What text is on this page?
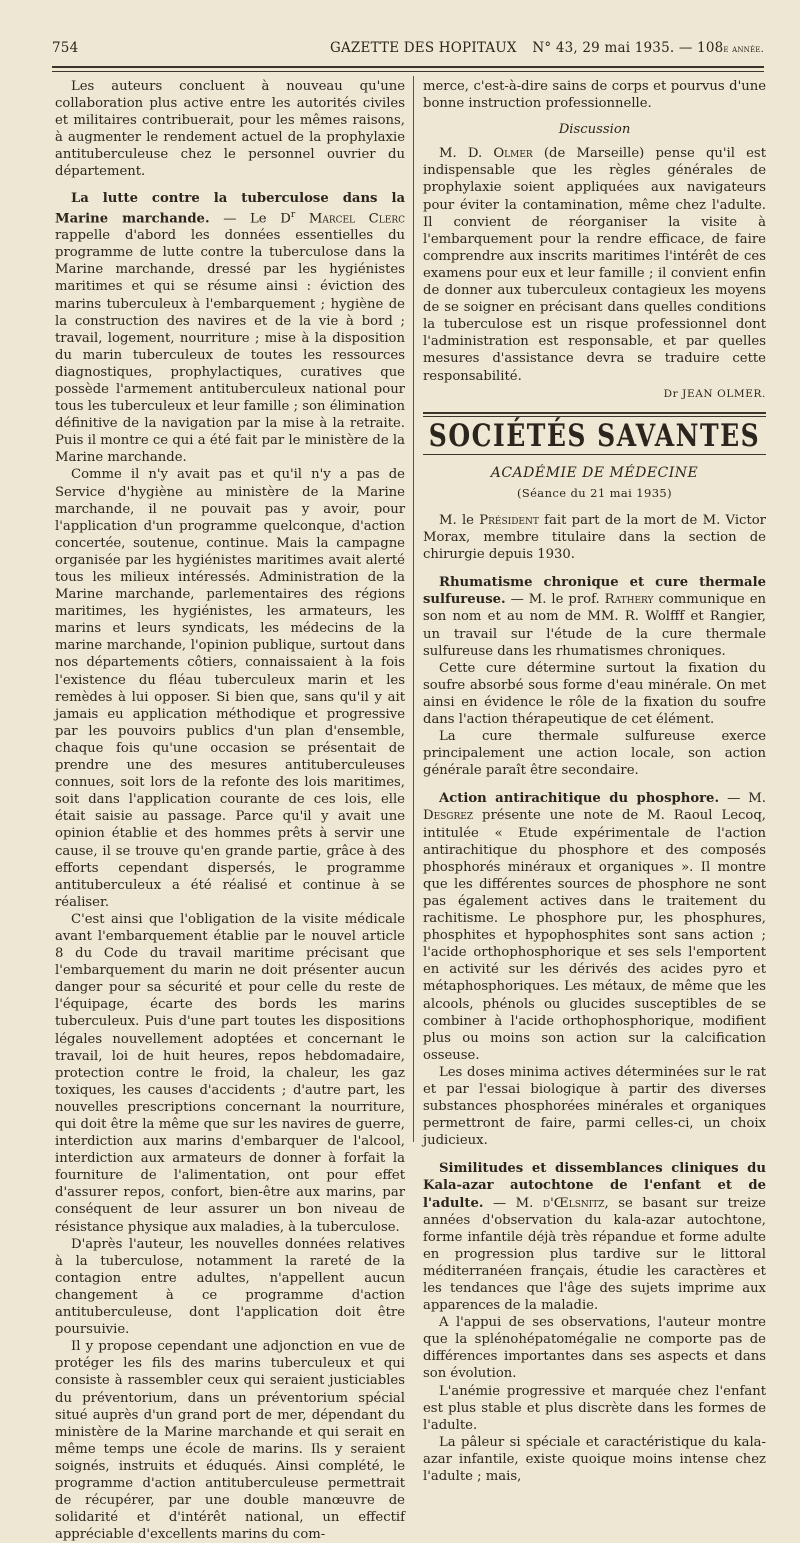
754	GAZETTE DES HOPITAUX N° 43, 29 mai 1935. — 108e année.

Les auteurs concluent à nouveau qu'une collaboration plus active entre les autorités civiles et militaires contribuerait, pour les mêmes raisons, à augmenter le rendement actuel de la prophylaxie antituberculeuse chez le personnel ouvrier du département.

La lutte contre la tuberculose dans la Marine marchande. — Le $D^r$ Marcel Clerc rappelle d'abord les données essentielles du programme de lutte contre la tuberculose dans la Marine marchande, dressé par les hygiénistes maritimes et qui se résume ainsi : éviction des marins tuberculeux à l'embarquement ; hygiène de la construction des navires et de la vie à bord ; travail, logement, nourriture ; mise à la disposition du marin tuberculeux de toutes les ressources diagnostiques, prophylactiques, curatives que possède l'armement antituberculeux national pour tous les tuberculeux et leur famille ; son élimination définitive de la navigation par la mise à la retraite. Puis il montre ce qui a été fait par le ministère de la Marine marchande.

Comme il n'y avait pas et qu'il n'y a pas de Service d'hygiène au ministère de la Marine marchande, il ne pouvait pas y avoir, pour l'application d'un programme quelconque, d'action concertée, soutenue, continue. Mais la campagne organisée par les hygiénistes maritimes avait alerté tous les milieux intéressés. Administration de la Marine marchande, parlementaires des régions maritimes, les hygiénistes, les armateurs, les marins et leurs syndicats, les médecins de la marine marchande, l'opinion publique, surtout dans nos départements côtiers, connaissaient à la fois l'existence du fléau tuberculeux marin et les remèdes à lui opposer. Si bien que, sans qu'il y ait jamais eu application méthodique et progressive par les pouvoirs publics d'un plan d'ensemble, chaque fois qu'une occasion se présentait de prendre une des mesures antituberculeuses connues, soit lors de la refonte des lois maritimes, soit dans l'application courante de ces lois, elle était saisie au passage. Parce qu'il y avait une opinion établie et des hommes prêts à servir une cause, il se trouve qu'en grande partie, grâce à des efforts cependant dispersés, le programme antituberculeux a été réalisé et continue à se réaliser.

C'est ainsi que l'obligation de la visite médicale avant l'embarquement établie par le nouvel article 8 du Code du travail maritime précisant que l'embarquement du marin ne doit présenter aucun danger pour sa sécurité et pour celle du reste de l'équipage, écarte des bords les marins tuberculeux. Puis d'une part toutes les dispositions légales nouvellement adoptées et concernant le travail, loi de huit heures, repos hebdomadaire, protection contre le froid, la chaleur, les gaz toxiques, les causes d'accidents ; d'autre part, les nouvelles prescriptions concernant la nourriture, qui doit être la même que sur les navires de guerre, interdiction aux marins d'embarquer de l'alcool, interdiction aux armateurs de donner à forfait la fourniture de l'alimentation, ont pour effet d'assurer repos, confort, bien-être aux marins, par conséquent de leur assurer un bon niveau de résistance physique aux maladies, à la tuberculose.

D'après l'auteur, les nouvelles données relatives à la tuberculose, notamment la rareté de la contagion entre adultes, n'appellent aucun changement à ce programme d'action antituberculeuse, dont l'application doit être poursuivie.

Il y propose cependant une adjonction en vue de protéger les fils des marins tuberculeux et qui consiste à rassembler ceux qui seraient justiciables du préventorium, dans un préventorium spécial situé auprès d'un grand port de mer, dépendant du ministère de la Marine marchande et qui serait en même temps une école de marins. Ils y seraient soignés, instruits et éduqués. Ainsi complété, le programme d'action antituberculeuse permettrait de récupérer, par une double manœuvre de solidarité et d'intérêt national, un effectif appréciable d'excellents marins du com-

merce, c'est-à-dire sains de corps et pourvus d'une bonne instruction professionnelle.

Discussion

M. D. Olmer (de Marseille) pense qu'il est indispensable que les règles générales de prophylaxie soient appliquées aux navigateurs pour éviter la contamination, même chez l'adulte. Il convient de réorganiser la visite à l'embarquement pour la rendre efficace, de faire comprendre aux inscrits maritimes l'intérêt de ces examens pour eux et leur famille ; il convient enfin de donner aux tuberculeux contagieux les moyens de se soigner en précisant dans quelles conditions la tuberculose est un risque professionnel dont l'administration est responsable, et par quelles mesures d'assistance devra se traduire cette responsabilité.

Dr JEAN OLMER.

SOCIÉTÉS SAVANTES

ACADÉMIE DE MÉDECINE

(Séance du 21 mai 1935)

M. le Président fait part de la mort de M. Victor Morax, membre titulaire dans la section de chirurgie depuis 1930.

Rhumatisme chronique et cure thermale sulfureuse. — M. le prof. Rathery communique en son nom et au nom de MM. R. Wolfff et Rangier, un travail sur l'étude de la cure thermale sulfureuse dans les rhumatismes chroniques.

Cette cure détermine surtout la fixation du soufre absorbé sous forme d'eau minérale. On met ainsi en évidence le rôle de la fixation du soufre dans l'action thérapeutique de cet élément.

La cure thermale sulfureuse exerce principalement une action locale, son action générale paraît être secondaire.

Action antirachitique du phosphore. — M. Desgrez présente une note de M. Raoul Lecoq, intitulée « Etude expérimentale de l'action antirachitique du phosphore et des composés phosphorés minéraux et organiques ». Il montre que les différentes sources de phosphore ne sont pas également actives dans le traitement du rachitisme. Le phosphore pur, les phosphures, phosphites et hypophosphites sont sans action ; l'acide orthophosphorique et ses sels l'emportent en activité sur les dérivés des acides pyro et métaphosphoriques. Les métaux, de même que les alcools, phénols ou glucides susceptibles de se combiner à l'acide orthophosphorique, modifient plus ou moins son action sur la calcification osseuse.

Les doses minima actives déterminées sur le rat et par l'essai biologique à partir des diverses substances phosphorées minérales et organiques permettront de faire, parmi celles-ci, un choix judicieux.

Similitudes et dissemblances cliniques du Kala-azar autochtone de l'enfant et de l'adulte. — M. d'Œlsnitz, se basant sur treize années d'observation du kala-azar autochtone, forme infantile déjà très répandue et forme adulte en progression plus tardive sur le littoral méditerranéen français, étudie les caractères et les tendances que l'âge des sujets imprime aux apparences de la maladie.

A l'appui de ses observations, l'auteur montre que la splénohépatomégalie ne comporte pas de différences importantes dans ses aspects et dans son évolution.

L'anémie progressive et marquée chez l'enfant est plus stable et plus discrète dans les formes de l'adulte.

La pâleur si spéciale et caractéristique du kala-azar infantile, existe quoique moins intense chez l'adulte ; mais,
